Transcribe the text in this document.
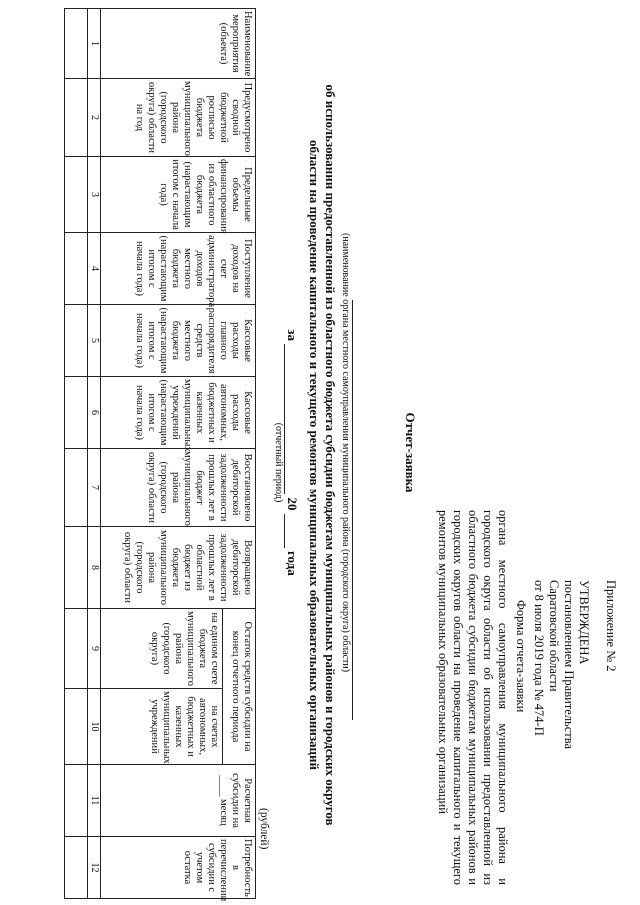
Приложение № 2
УТВЕРЖДЕНА
постановлением Правительства
Саратовской области
от 8 июля 2019 года № 474-П
Форма отчета-заявки
органа местного самоуправления муниципального района и городского округа области об использовании предоставленной из областного бюджета субсидии бюджетам муниципальных районов и городских округов области на проведение капитального и текущего ремонтов муниципальных образовательных организаций
Отчет-заявка
(наименование органа местного самоуправления муниципального района (городского округа) области)
об использовании предоставленной из областного бюджета субсидии бюджетам муниципальных районов и городских округов области на проведение капитального и текущего ремонтов муниципальных образовательных организаций
за  20  года
(отчетный период)
(рублей)
Наименование мероприятия (объекта)	Предусмотрено сводной бюджетной росписью бюджета муниципального района (городского округа) области на год	Предельные объемы финансирования из областного бюджета (нарастающим итогом с начала года)	Поступление доходов на счет администратора доходов местного бюджета (нарастающим итогом с начала года)	Кассовые расходы главного распорядителя средств местного бюджета (нарастающим итогом с начала года)	Кассовые расходы автономных, бюджетных и казенных муниципальных учреждений (нарастающим итогом с начала года)	Восстановлено дебиторской задолженности прошлых лет в бюджет муниципального района (городского округа) области	Возвращено дебиторской задолженности прошлых лет в областной бюджет из бюджета муниципального района (городского округа) области	Остаток средств субсидии на конец отчетного периода		Расчетная субсидии на ____ месяц	Потребность в перечислении субсидии с учетом остатка
								на едином счете бюджета муниципального района (городского округа)	на счетах автономных, бюджетных и казенных муниципальных учреждений		
1	2	3	4	5	6	7	8	9	10	11	12
